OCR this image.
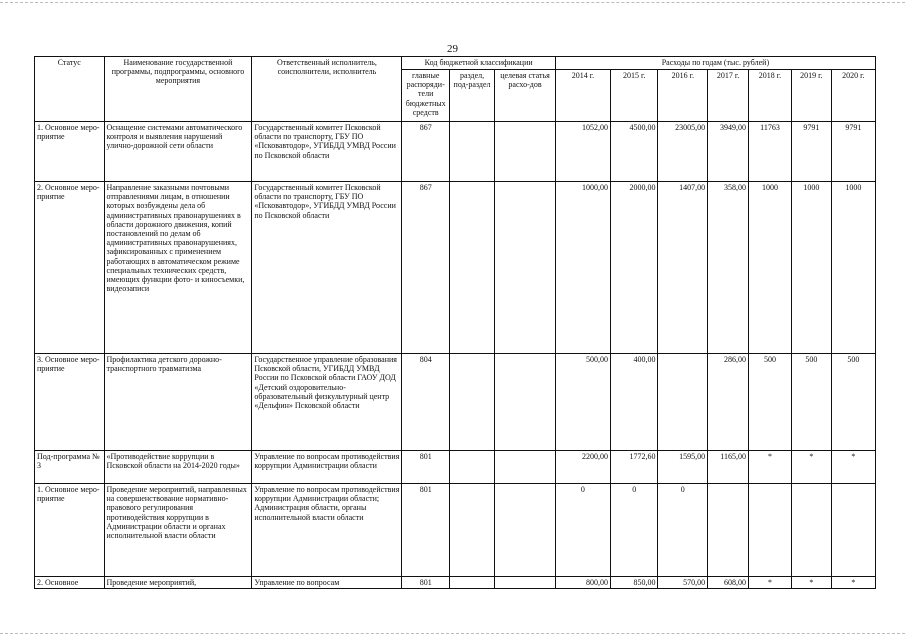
29
Статус	Наименование государственной программы, подпрограммы, основного мероприятия	Ответственный исполнитель, соисполнители, исполнитель	Код бюджетной классификации			Расходы по годам (тыс. рублей)						
			главные распоряди-тели бюджетных средств	раздел, под-раздел	целевая статья расхо-дов	2014 г.	2015 г.	2016 г.	2017 г.	2018 г.	2019 г.	2020 г.
1. Основное меро-приятие	Оснащение системами автоматического контроля и выявления нарушений улично-дорожной сети области	Государственный комитет Псковской области по транспорту, ГБУ ПО «Псковавтодор», УГИБДД УМВД России по Псковской области	867			1052,00	4500,00	23005,00	3949,00	11763	9791	9791
2. Основное меро-приятие	Направление заказными почтовыми отправлениями лицам, в отношении которых возбуждены дела об административных правонарушениях в области дорожного движения, копий постановлений по делам об административных правонарушениях, зафиксированных с применением работающих в автоматическом режиме специальных технических средств, имеющих функции фото- и киносъемки, видеозаписи	Государственный комитет Псковской области по транспорту, ГБУ ПО «Псковавтодор», УГИБДД УМВД России по Псковской области	867			1000,00	2000,00	1407,00	358,00	1000	1000	1000
3. Основное меро-приятие	Профилактика детского дорожно-транспортного травматизма	Государственное управление образования Псковской области, УГИБДД УМВД России по Псковской области ГАОУ ДОД «Детский оздоровительно-образовательный физкультурный центр «Дельфин» Псковской области	804			500,00	400,00		286,00	500	500	500
Под-программа № 3	«Противодействие коррупции в Псковской области на 2014-2020 годы»	Управление по вопросам противодействия коррупции Администрации области	801			2200,00	1772,60	1595,00	1165,00	*	*	*
1. Основное меро-приятие	Проведение мероприятий, направленных на совершенствование нормативно-правового регулирования противодействия коррупции в Администрации области и органах исполнительной власти области	Управление по вопросам противодействия коррупции Администрации области; Администрация области, органы исполнительной власти области	801			0	0	0				
2. Основное	Проведение мероприятий,	Управление по вопросам	801			800,00	850,00	570,00	608,00	*	*	*
